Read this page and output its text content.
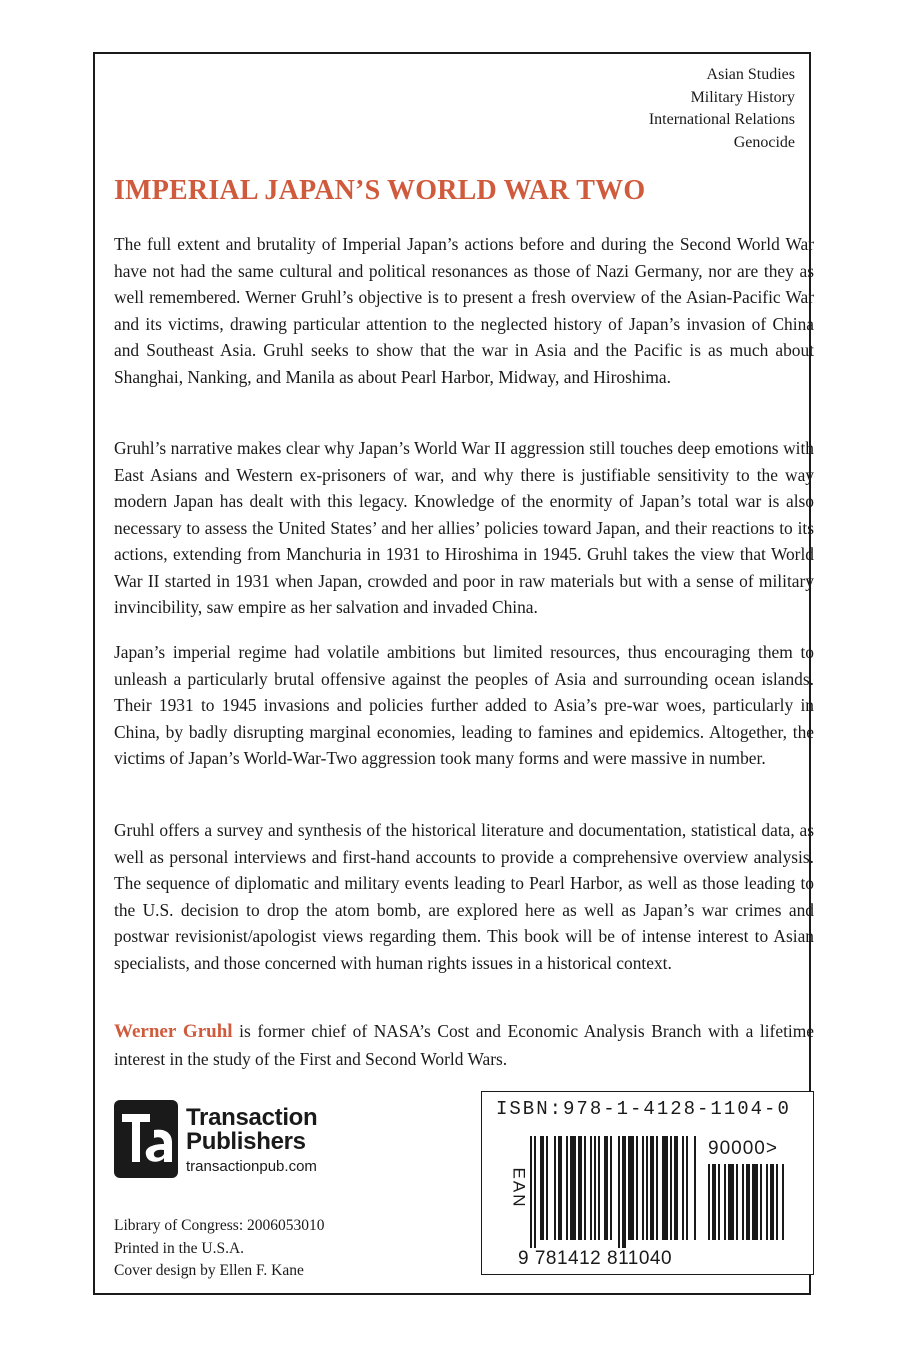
Asian Studies
Military History
International Relations
Genocide
IMPERIAL JAPAN’S WORLD WAR TWO

The full extent and brutality of Imperial Japan’s actions before and during the Second World War have not had the same cultural and political resonances as those of Nazi Germany, nor are they as well remembered. Werner Gruhl’s objective is to present a fresh overview of the Asian-Pacific War and its victims, drawing particular attention to the neglected history of Japan’s invasion of China and Southeast Asia. Gruhl seeks to show that the war in Asia and the Pacific is as much about Shanghai, Nanking, and Manila as about Pearl Harbor, Midway, and Hiroshima.

Gruhl’s narrative makes clear why Japan’s World War II aggression still touches deep emotions with East Asians and Western ex-prisoners of war, and why there is justifiable sensitivity to the way modern Japan has dealt with this legacy. Knowledge of the enormity of Japan’s total war is also necessary to assess the United States’ and her allies’ policies toward Japan, and their reactions to its actions, extending from Manchuria in 1931 to Hiroshima in 1945. Gruhl takes the view that World War II started in 1931 when Japan, crowded and poor in raw materials but with a sense of military invincibility, saw empire as her salvation and invaded China.

Japan’s imperial regime had volatile ambitions but limited resources, thus encouraging them to unleash a particularly brutal offensive against the peoples of Asia and surrounding ocean islands. Their 1931 to 1945 invasions and policies further added to Asia’s pre-war woes, particularly in China, by badly disrupting marginal economies, leading to famines and epidemics. Altogether, the victims of Japan’s World-War-Two aggression took many forms and were massive in number.

Gruhl offers a survey and synthesis of the historical literature and documentation, statistical data, as well as personal interviews and first-hand accounts to provide a comprehensive overview analysis. The sequence of diplomatic and military events leading to Pearl Harbor, as well as those leading to the U.S. decision to drop the atom bomb, are explored here as well as Japan’s war crimes and postwar revisionist/apologist views regarding them. This book will be of intense interest to Asian specialists, and those concerned with human rights issues in a historical context.

Werner Gruhl is former chief of NASA’s Cost and Economic Analysis Branch with a lifetime interest in the study of the First and Second World Wars.

Transaction
Publishers
transactionpub.com
Library of Congress: 2006053010
Printed in the U.S.A.
Cover design by Ellen F. Kane
ISBN:978-1-4128-1104-0
EAN
9 781412 811040
90000>
